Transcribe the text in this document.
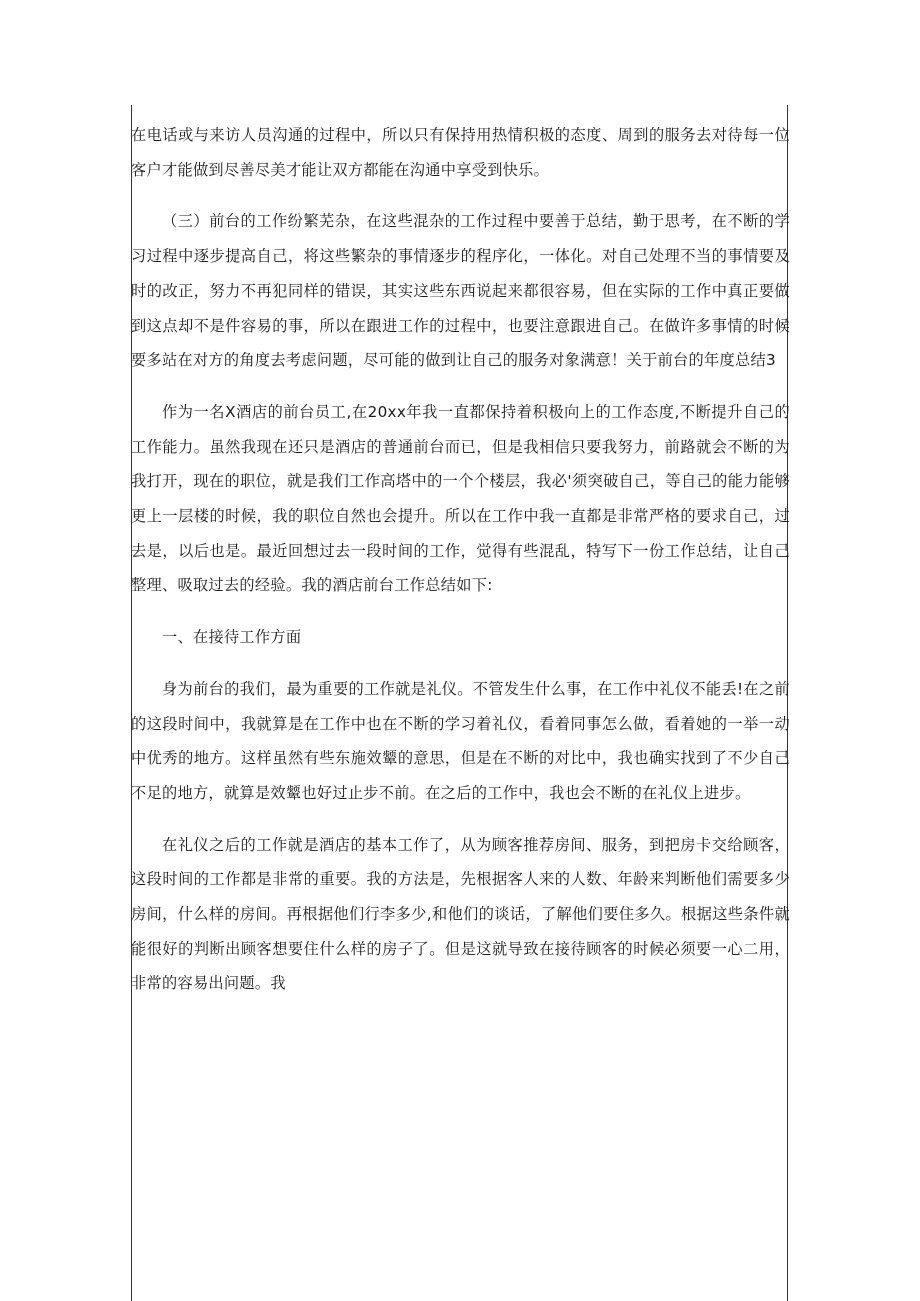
在电话或与来访人员沟通的过程中，所以只有保持用热情积极的态度、周到的服务去对待每一位客户才能做到尽善尽美才能让双方都能在沟通中享受到快乐。

（三）前台的工作纷繁芜杂，在这些混杂的工作过程中要善于总结，勤于思考，在不断的学习过程中逐步提高自己，将这些繁杂的事情逐步的程序化，一体化。对自己处理不当的事情要及时的改正，努力不再犯同样的错误，其实这些东西说起来都很容易，但在实际的工作中真正要做到这点却不是件容易的事，所以在跟进工作的过程中，也要注意跟进自己。在做许多事情的时候要多站在对方的角度去考虑问题，尽可能的做到让自己的服务对象满意！关于前台的年度总结3

作为一名X酒店的前台员工,在20xx年我一直都保持着积极向上的工作态度,不断提升自己的工作能力。虽然我现在还只是酒店的普通前台而已，但是我相信只要我努力，前路就会不断的为我打开，现在的职位，就是我们工作高塔中的一个个楼层，我必'须突破自己，等自己的能力能够更上一层楼的时候，我的职位自然也会提升。所以在工作中我一直都是非常严格的要求自己，过去是，以后也是。最近回想过去一段时间的工作，觉得有些混乱，特写下一份工作总结，让自己整理、吸取过去的经验。我的酒店前台工作总结如下:

一、在接待工作方面

身为前台的我们，最为重要的工作就是礼仪。不管发生什么事，在工作中礼仪不能丢!在之前的这段时间中，我就算是在工作中也在不断的学习着礼仪，看着同事怎么做，看着她的一举一动中优秀的地方。这样虽然有些东施效颦的意思，但是在不断的对比中，我也确实找到了不少自己不足的地方，就算是效颦也好过止步不前。在之后的工作中，我也会不断的在礼仪上进步。

在礼仪之后的工作就是酒店的基本工作了，从为顾客推荐房间、服务，到把房卡交给顾客，这段时间的工作都是非常的重要。我的方法是，先根据客人来的人数、年龄来判断他们需要多少房间，什么样的房间。再根据他们行李多少,和他们的谈话，了解他们要住多久。根据这些条件就能很好的判断出顾客想要住什么样的房子了。但是这就导致在接待顾客的时候必须要一心二用，非常的容易出问题。我
